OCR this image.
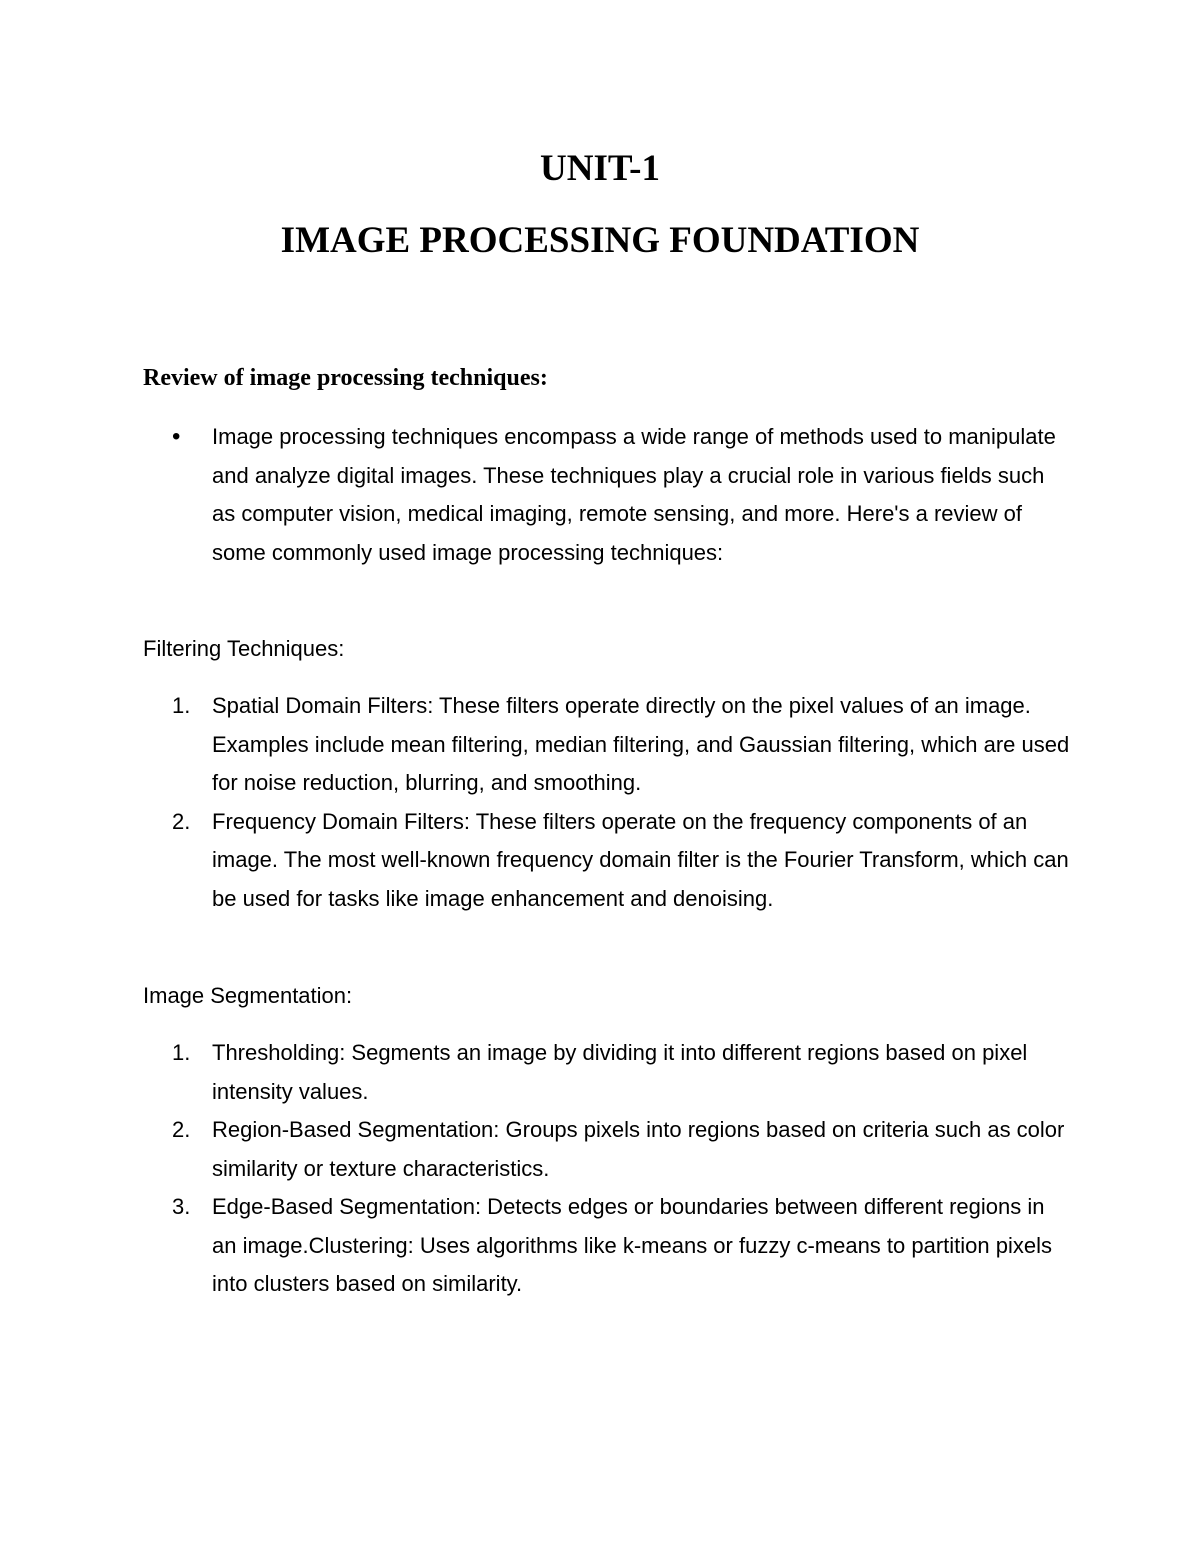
UNIT-1
IMAGE PROCESSING FOUNDATION
Review of image processing techniques:
•	Image processing techniques encompass a wide range of methods used to manipulate and analyze digital images. These techniques play a crucial role in various fields such as computer vision, medical imaging, remote sensing, and more. Here's a review of some commonly used image processing techniques:

Filtering Techniques:

1. Spatial Domain Filters: These filters operate directly on the pixel values of an image. Examples include mean filtering, median filtering, and Gaussian filtering, which are used for noise reduction, blurring, and smoothing.
2. Frequency Domain Filters: These filters operate on the frequency components of an image. The most well-known frequency domain filter is the Fourier Transform, which can be used for tasks like image enhancement and denoising.

Image Segmentation:

1. Thresholding: Segments an image by dividing it into different regions based on pixel intensity values.
2. Region-Based Segmentation: Groups pixels into regions based on criteria such as color similarity or texture characteristics.
3. Edge-Based Segmentation: Detects edges or boundaries between different regions in an image.Clustering: Uses algorithms like k-means or fuzzy c-means to partition pixels into clusters based on similarity.
